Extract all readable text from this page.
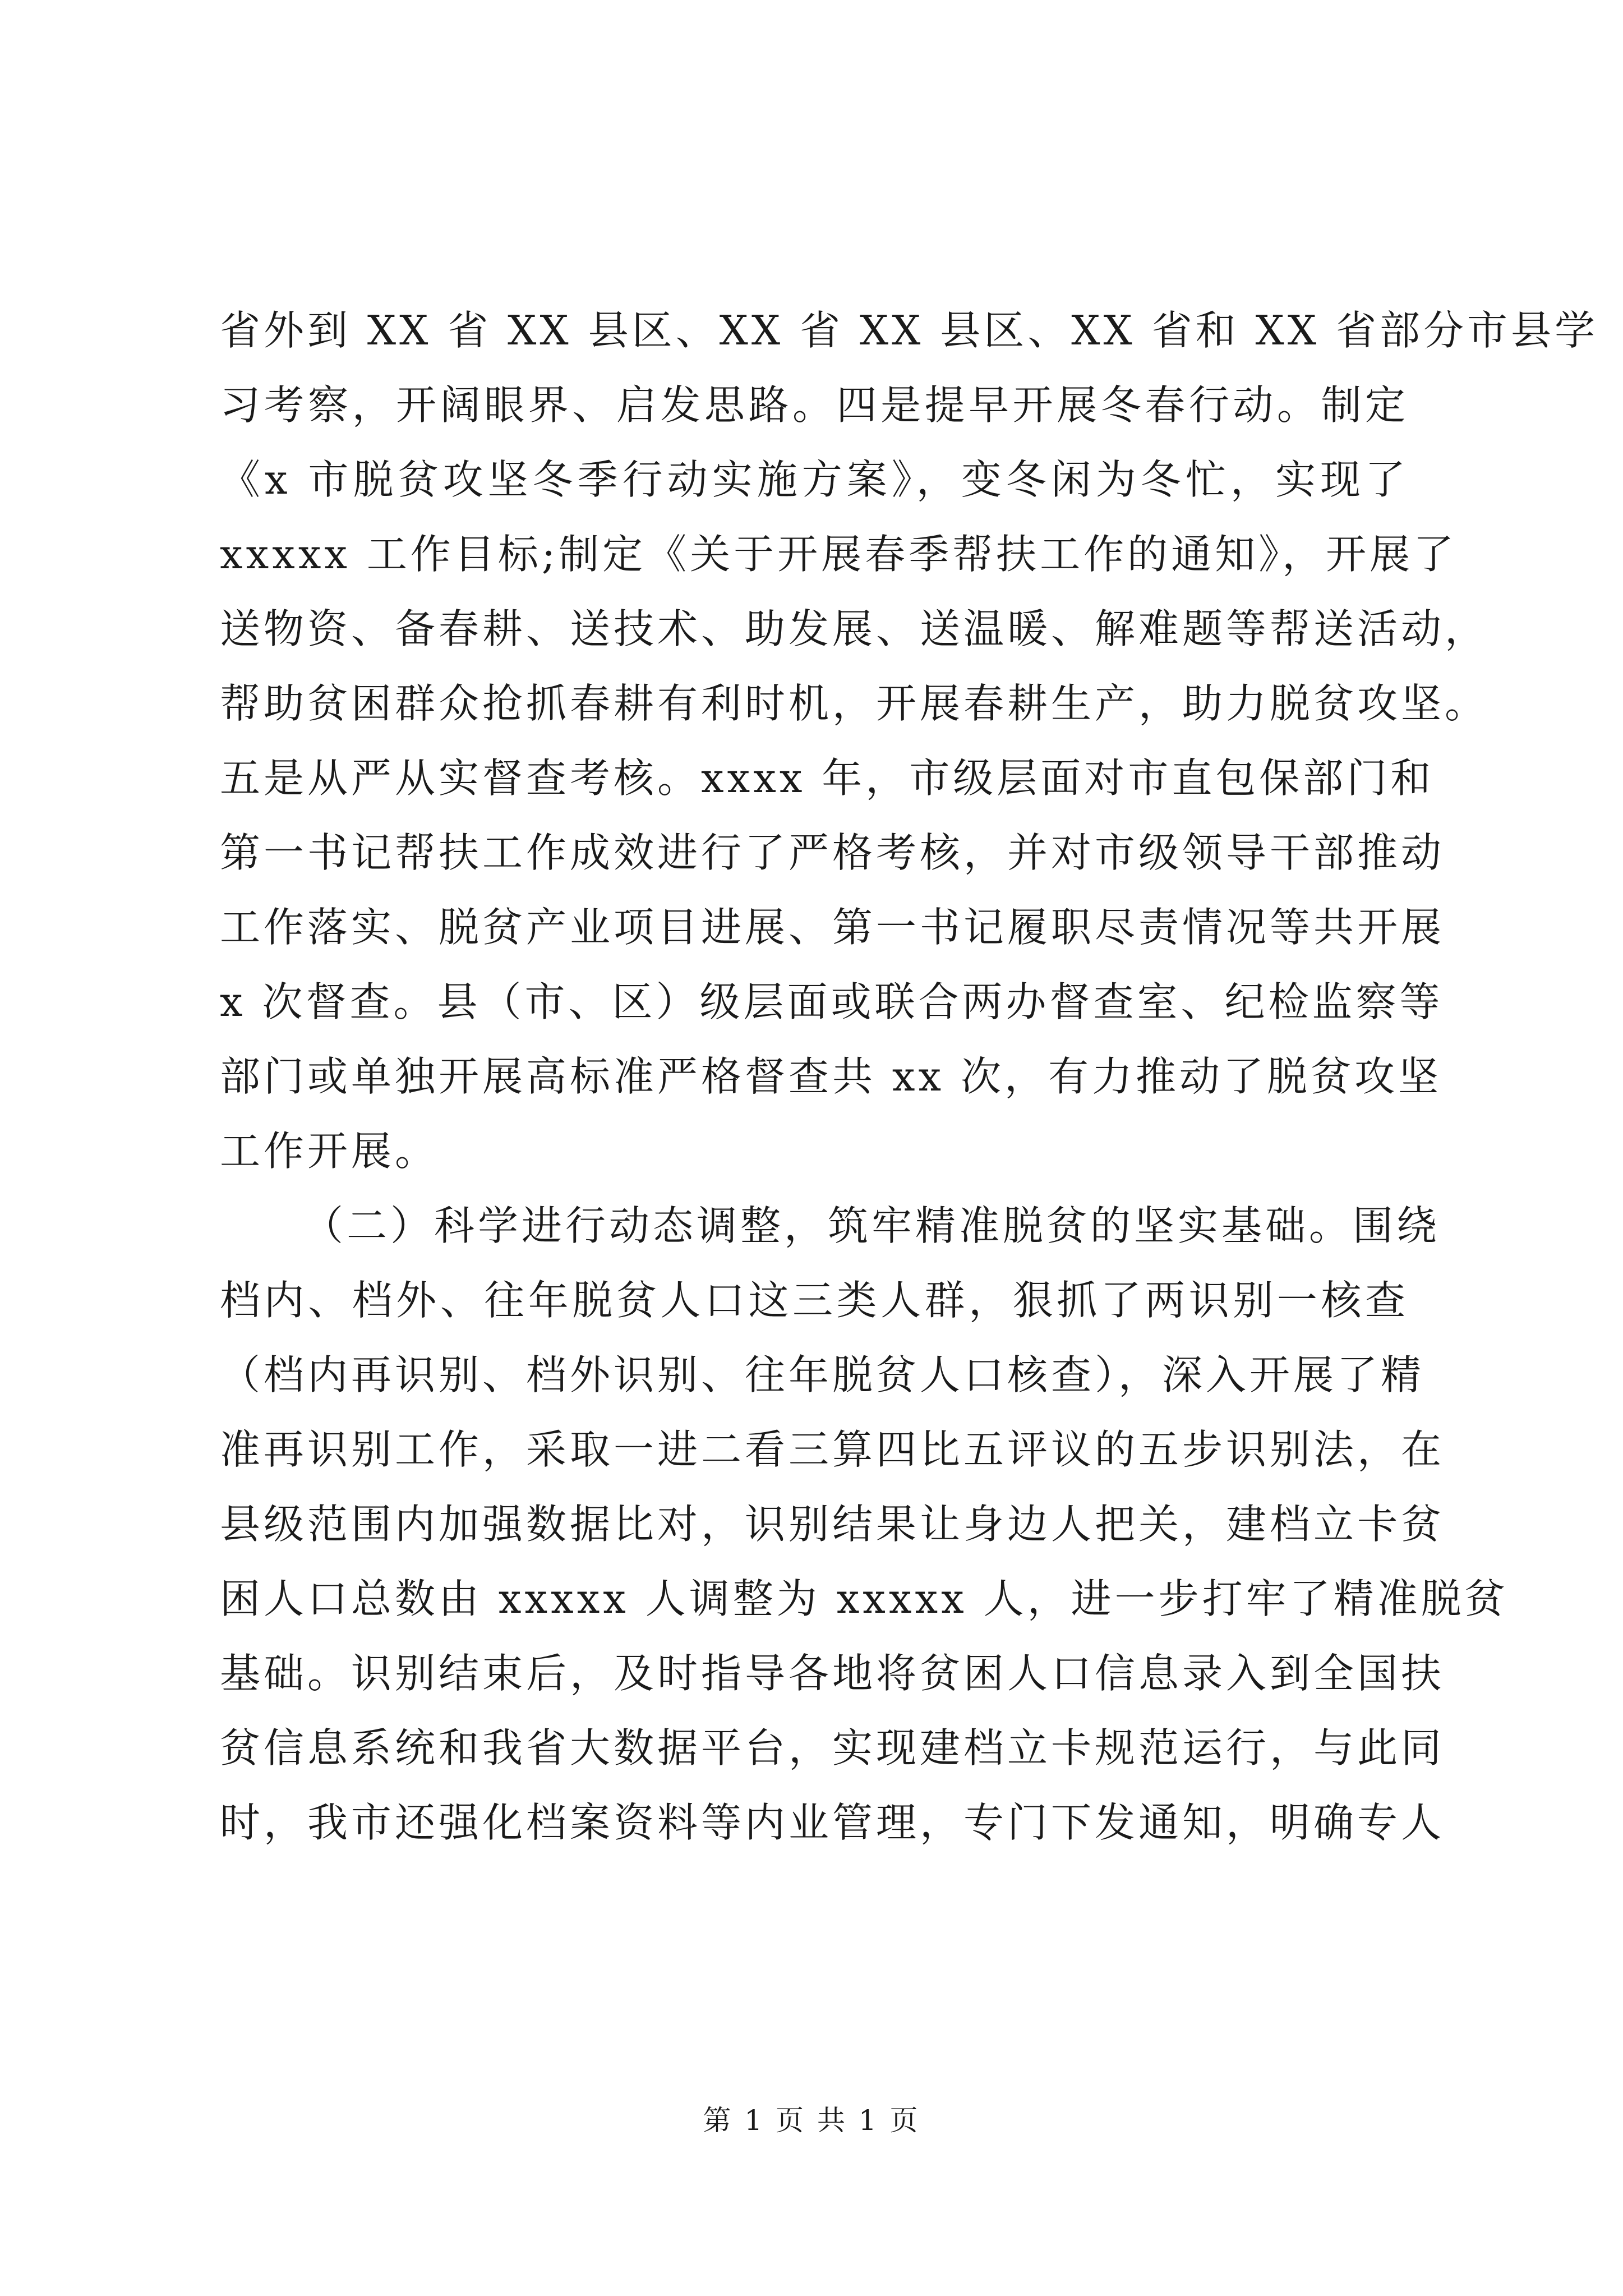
省外到 XX 省 XX 县区、XX 省 XX 县区、XX 省和 XX 省部分市县学
习考察，开阔眼界、启发思路。四是提早开展冬春行动。制定
《x 市脱贫攻坚冬季行动实施方案》，变冬闲为冬忙，实现了
xxxxx 工作目标;制定《关于开展春季帮扶工作的通知》，开展了
送物资、备春耕、送技术、助发展、送温暖、解难题等帮送活动，
帮助贫困群众抢抓春耕有利时机，开展春耕生产，助力脱贫攻坚。
五是从严从实督查考核。xxxx 年，市级层面对市直包保部门和
第一书记帮扶工作成效进行了严格考核，并对市级领导干部推动
工作落实、脱贫产业项目进展、第一书记履职尽责情况等共开展
x 次督查。县（市、区）级层面或联合两办督查室、纪检监察等
部门或单独开展高标准严格督查共 xx 次，有力推动了脱贫攻坚
工作开展。
（二）科学进行动态调整，筑牢精准脱贫的坚实基础。围绕
档内、档外、往年脱贫人口这三类人群，狠抓了两识别一核查
（档内再识别、档外识别、往年脱贫人口核查），深入开展了精
准再识别工作，采取一进二看三算四比五评议的五步识别法，在
县级范围内加强数据比对，识别结果让身边人把关，建档立卡贫
困人口总数由 xxxxx 人调整为 xxxxx 人，进一步打牢了精准脱贫
基础。识别结束后，及时指导各地将贫困人口信息录入到全国扶
贫信息系统和我省大数据平台，实现建档立卡规范运行，与此同
时，我市还强化档案资料等内业管理，专门下发通知，明确专人
第 1 页 共 1 页
